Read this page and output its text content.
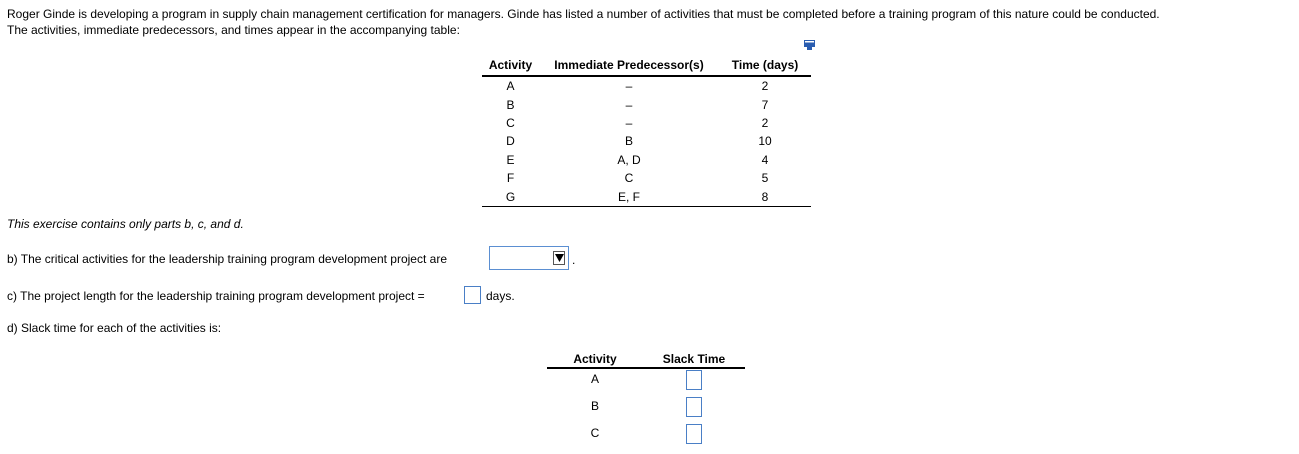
Roger Ginde is developing a program in supply chain management certification for managers. Ginde has listed a number of activities that must be completed before a training program of this nature could be conducted.
The activities, immediate predecessors, and times appear in the accompanying table:
Activity	Immediate Predecessor(s)	Time (days)
A	–	2
B	–	7
C	–	2
D	B	10
E	A, D	4
F	C	5
G	E, F	8
This exercise contains only parts b, c, and d.
b) The critical activities for the leadership training program development project are	.
c) The project length for the leadership training program development project =	days.
d) Slack time for each of the activities is:
Activity	Slack Time
A	
B	
C	
